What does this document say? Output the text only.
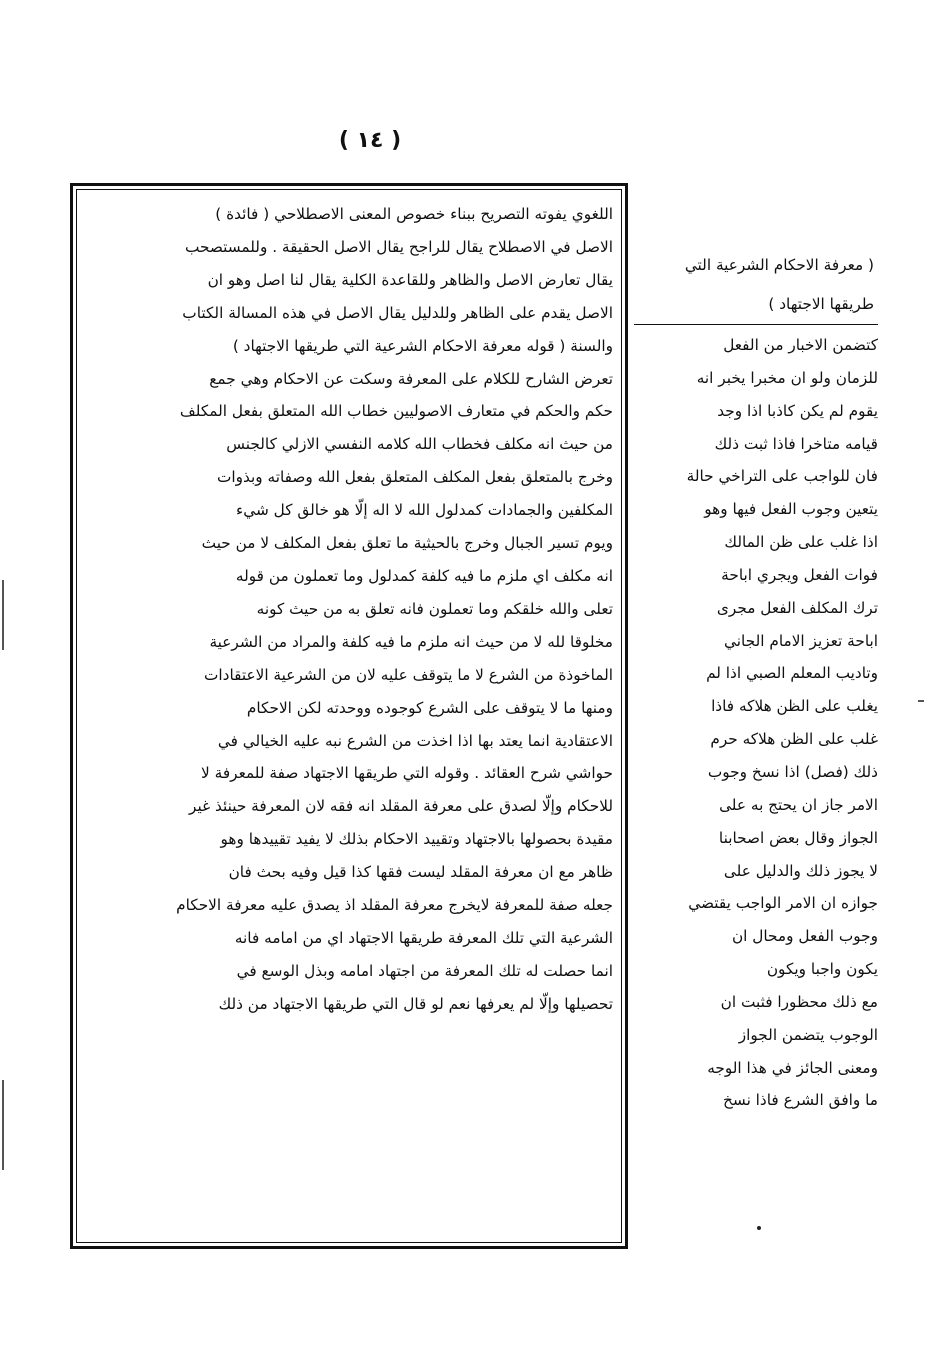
( ١٤ )
اللغوي يفوته التصريح ببناء خصوص المعنى الاصطلاحي ( فائدة )
الاصل في الاصطلاح يقال للراجح يقال الاصل الحقيقة . وللمستصحب
يقال تعارض الاصل والظاهر وللقاعدة الكلية يقال لنا اصل وهو ان
الاصل يقدم على الظاهر وللدليل يقال الاصل في هذه المسالة الكتاب
والسنة ( قوله معرفة الاحكام الشرعية التي طريقها الاجتهاد )
تعرض الشارح للكلام على المعرفة وسكت عن الاحكام وهي جمع
حكم والحكم في متعارف الاصوليين خطاب الله المتعلق بفعل المكلف
من حيث انه مكلف فخطاب الله كلامه النفسي الازلي كالجنس
وخرج بالمتعلق بفعل المكلف المتعلق بفعل الله وصفاته وبذوات
المكلفين والجمادات كمدلول الله لا اله إلّا هو خالق كل شيء
ويوم تسير الجبال وخرج بالحيثية ما تعلق بفعل المكلف لا من حيث
انه مكلف اي ملزم ما فيه كلفة كمدلول وما تعملون من قوله
تعلى والله خلقكم وما تعملون فانه تعلق به من حيث كونه
مخلوقا لله لا من حيث انه ملزم ما فيه كلفة والمراد من الشرعية
الماخوذة من الشرع لا ما يتوقف عليه لان من الشرعية الاعتقادات
ومنها ما لا يتوقف على الشرع كوجوده ووحدته لكن الاحكام
الاعتقادية انما يعتد بها اذا اخذت من الشرع نبه عليه الخيالي في
حواشي شرح العقائد . وقوله التي طريقها الاجتهاد صفة للمعرفة لا
للاحكام وإلّا لصدق على معرفة المقلد انه فقه لان المعرفة حينئذ غير
مقيدة بحصولها بالاجتهاد وتقييد الاحكام بذلك لا يفيد تقييدها وهو
ظاهر مع ان معرفة المقلد ليست فقها كذا قيل وفيه بحث فان
جعله صفة للمعرفة لايخرج معرفة المقلد اذ يصدق عليه معرفة الاحكام
الشرعية التي تلك المعرفة طريقها الاجتهاد اي من امامه فانه
انما حصلت له تلك المعرفة من اجتهاد امامه وبذل الوسع في
تحصيلها وإلّا لم يعرفها نعم لو قال التي طريقها الاجتهاد من ذلك
( معرفة الاحكام الشرعية التي
طريقها الاجتهاد )
كتضمن الاخبار من الفعل
للزمان ولو ان مخبرا يخبر انه
يقوم لم يكن كاذبا اذا وجد
قيامه متاخرا فاذا ثبت ذلك
فان للواجب على التراخي حالة
يتعين وجوب الفعل فيها وهو
اذا غلب على ظن المالك
فوات الفعل ويجري اباحة
ترك المكلف الفعل مجرى
اباحة تعزيز الامام الجاني
وتاديب المعلم الصبي اذا لم
يغلب على الظن هلاكه فاذا
غلب على الظن هلاكه حرم
ذلك (فصل) اذا نسخ وجوب
الامر جاز ان يحتج به على
الجواز وقال بعض اصحابنا
لا يجوز ذلك والدليل على
جوازه ان الامر الواجب يقتضي
وجوب الفعل ومحال ان
يكون واجبا ويكون
مع ذلك محظورا فثبت ان
الوجوب يتضمن الجواز
ومعنى الجائز في هذا الوجه
ما وافق الشرع فاذا نسخ
